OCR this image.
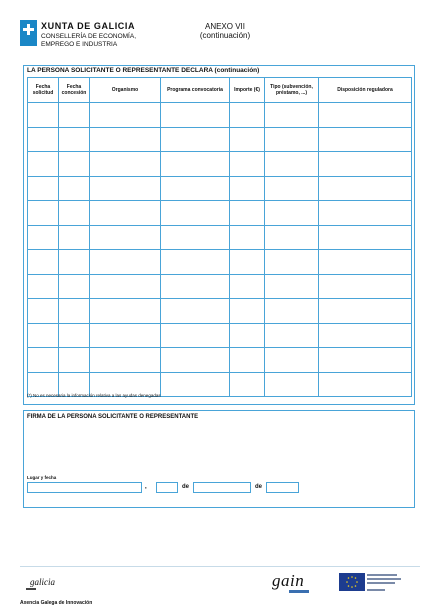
XUNTA DE GALICIA
CONSELLERÍA DE ECONOMÍA,
EMPREGO E INDUSTRIA
ANEXO VII
(continuación)
LA PERSONA SOLICITANTE O REPRESENTANTE DECLARA (continuación)
Fecha solicitud	Fecha concesión	Organismo	Programa convocatoria	Importe (€)	Tipo (subvención, préstamo, ...)	Disposición reguladora

(*) No es necesaria la información relativa a las ayudas denegadas
FIRMA DE LA PERSONA SOLICITANTE O REPRESENTANTE
Lugar y fecha
,	de	de
galicia	gain
Axencia Galega de Innovación
